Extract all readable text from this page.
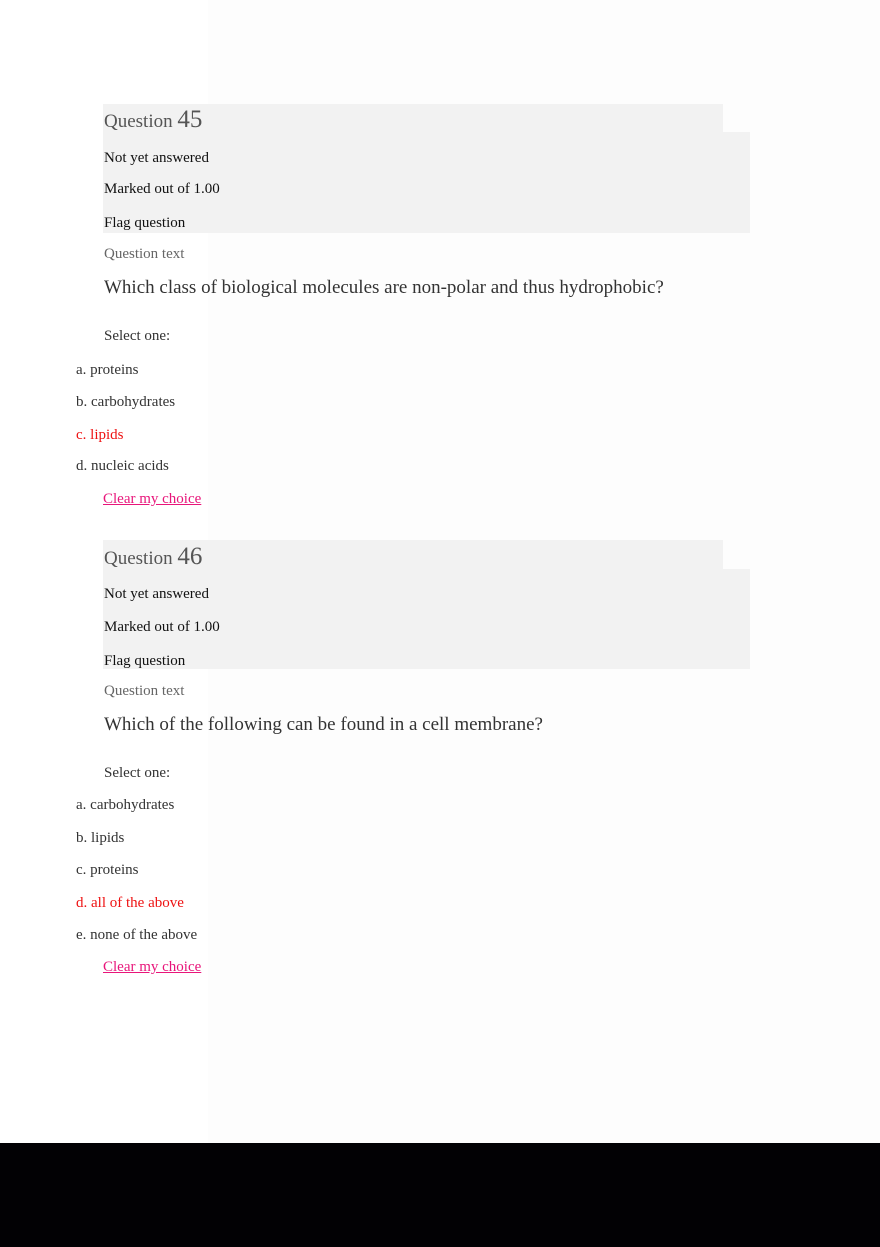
Question 45
Not yet answered
Marked out of 1.00
Flag question
Question text
Which class of biological molecules are non-polar and thus hydrophobic?
Select one:
a. proteins
b. carbohydrates
c. lipids
d. nucleic acids
Clear my choice
Question 46
Not yet answered
Marked out of 1.00
Flag question
Question text
Which of the following can be found in a cell membrane?
Select one:
a. carbohydrates
b. lipids
c. proteins
d. all of the above
e. none of the above
Clear my choice
